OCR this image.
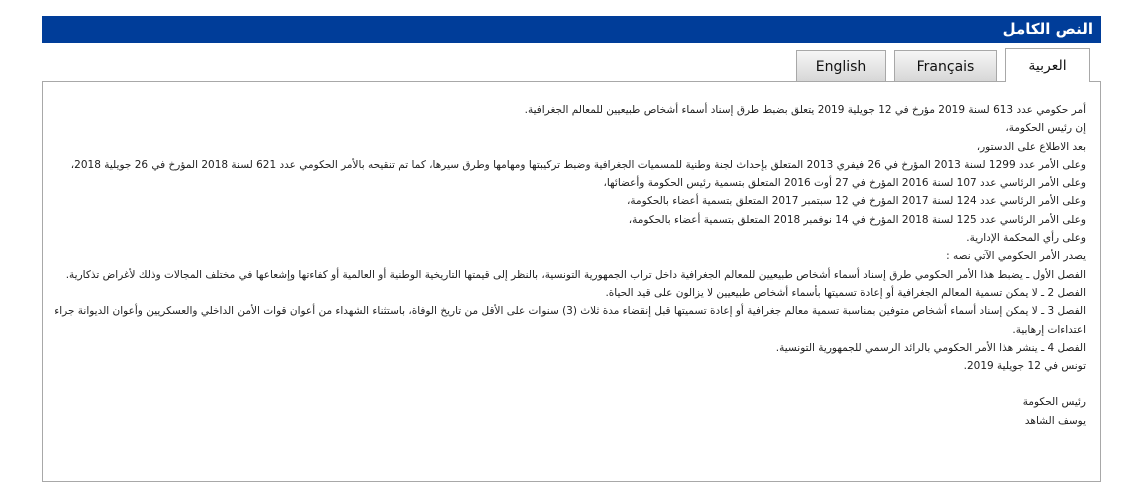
النص الكامل
العربية
Français
English
أمر حكومي عدد 613 لسنة 2019 مؤرخ في 12 جويلية 2019 يتعلق بضبط طرق إسناد أسماء أشخاص طبيعيين للمعالم الجغرافية.
إن رئيس الحكومة،
بعد الاطلاع على الدستور،
وعلى الأمر عدد 1299 لسنة 2013 المؤرخ في 26 فيفري 2013 المتعلق بإحداث لجنة وطنية للمسميات الجغرافية وضبط تركيبتها ومهامها وطرق سيرها، كما تم تنقيحه بالأمر الحكومي عدد 621 لسنة 2018 المؤرخ في 26 جويلية 2018،
وعلى الأمر الرئاسي عدد 107 لسنة 2016 المؤرخ في 27 أوت 2016 المتعلق بتسمية رئيس الحكومة وأعضائها،
وعلى الأمر الرئاسي عدد 124 لسنة 2017 المؤرخ في 12 سبتمبر 2017 المتعلق بتسمية أعضاء بالحكومة،
وعلى الأمر الرئاسي عدد 125 لسنة 2018 المؤرخ في 14 نوفمبر 2018 المتعلق بتسمية أعضاء بالحكومة،
وعلى رأي المحكمة الإدارية.
يصدر الأمر الحكومي الآتي نصه :
الفصل الأول ـ يضبط هذا الأمر الحكومي طرق إسناد أسماء أشخاص طبيعيين للمعالم الجغرافية داخل تراب الجمهورية التونسية، بالنظر إلى قيمتها التاريخية الوطنية أو العالمية أو كفاءتها وإشعاعها في مختلف المجالات وذلك لأغراض تذكارية.
الفصل 2 ـ لا يمكن تسمية المعالم الجغرافية أو إعادة تسميتها بأسماء أشخاص طبيعيين لا يزالون على قيد الحياة.
الفصل 3 ـ لا يمكن إسناد أسماء أشخاص متوفين بمناسبة تسمية معالم جغرافية أو إعادة تسميتها قبل إنقضاء مدة ثلاث (3) سنوات على الأقل من تاريخ الوفاة، باستثناء الشهداء من أعوان قوات الأمن الداخلي والعسكريين وأعوان الديوانة جراء اعتداءات إرهابية.
الفصل 4 ـ ينشر هذا الأمر الحكومي بالرائد الرسمي للجمهورية التونسية.
تونس في 12 جويلية 2019.
رئيس الحكومة
يوسف الشاهد
